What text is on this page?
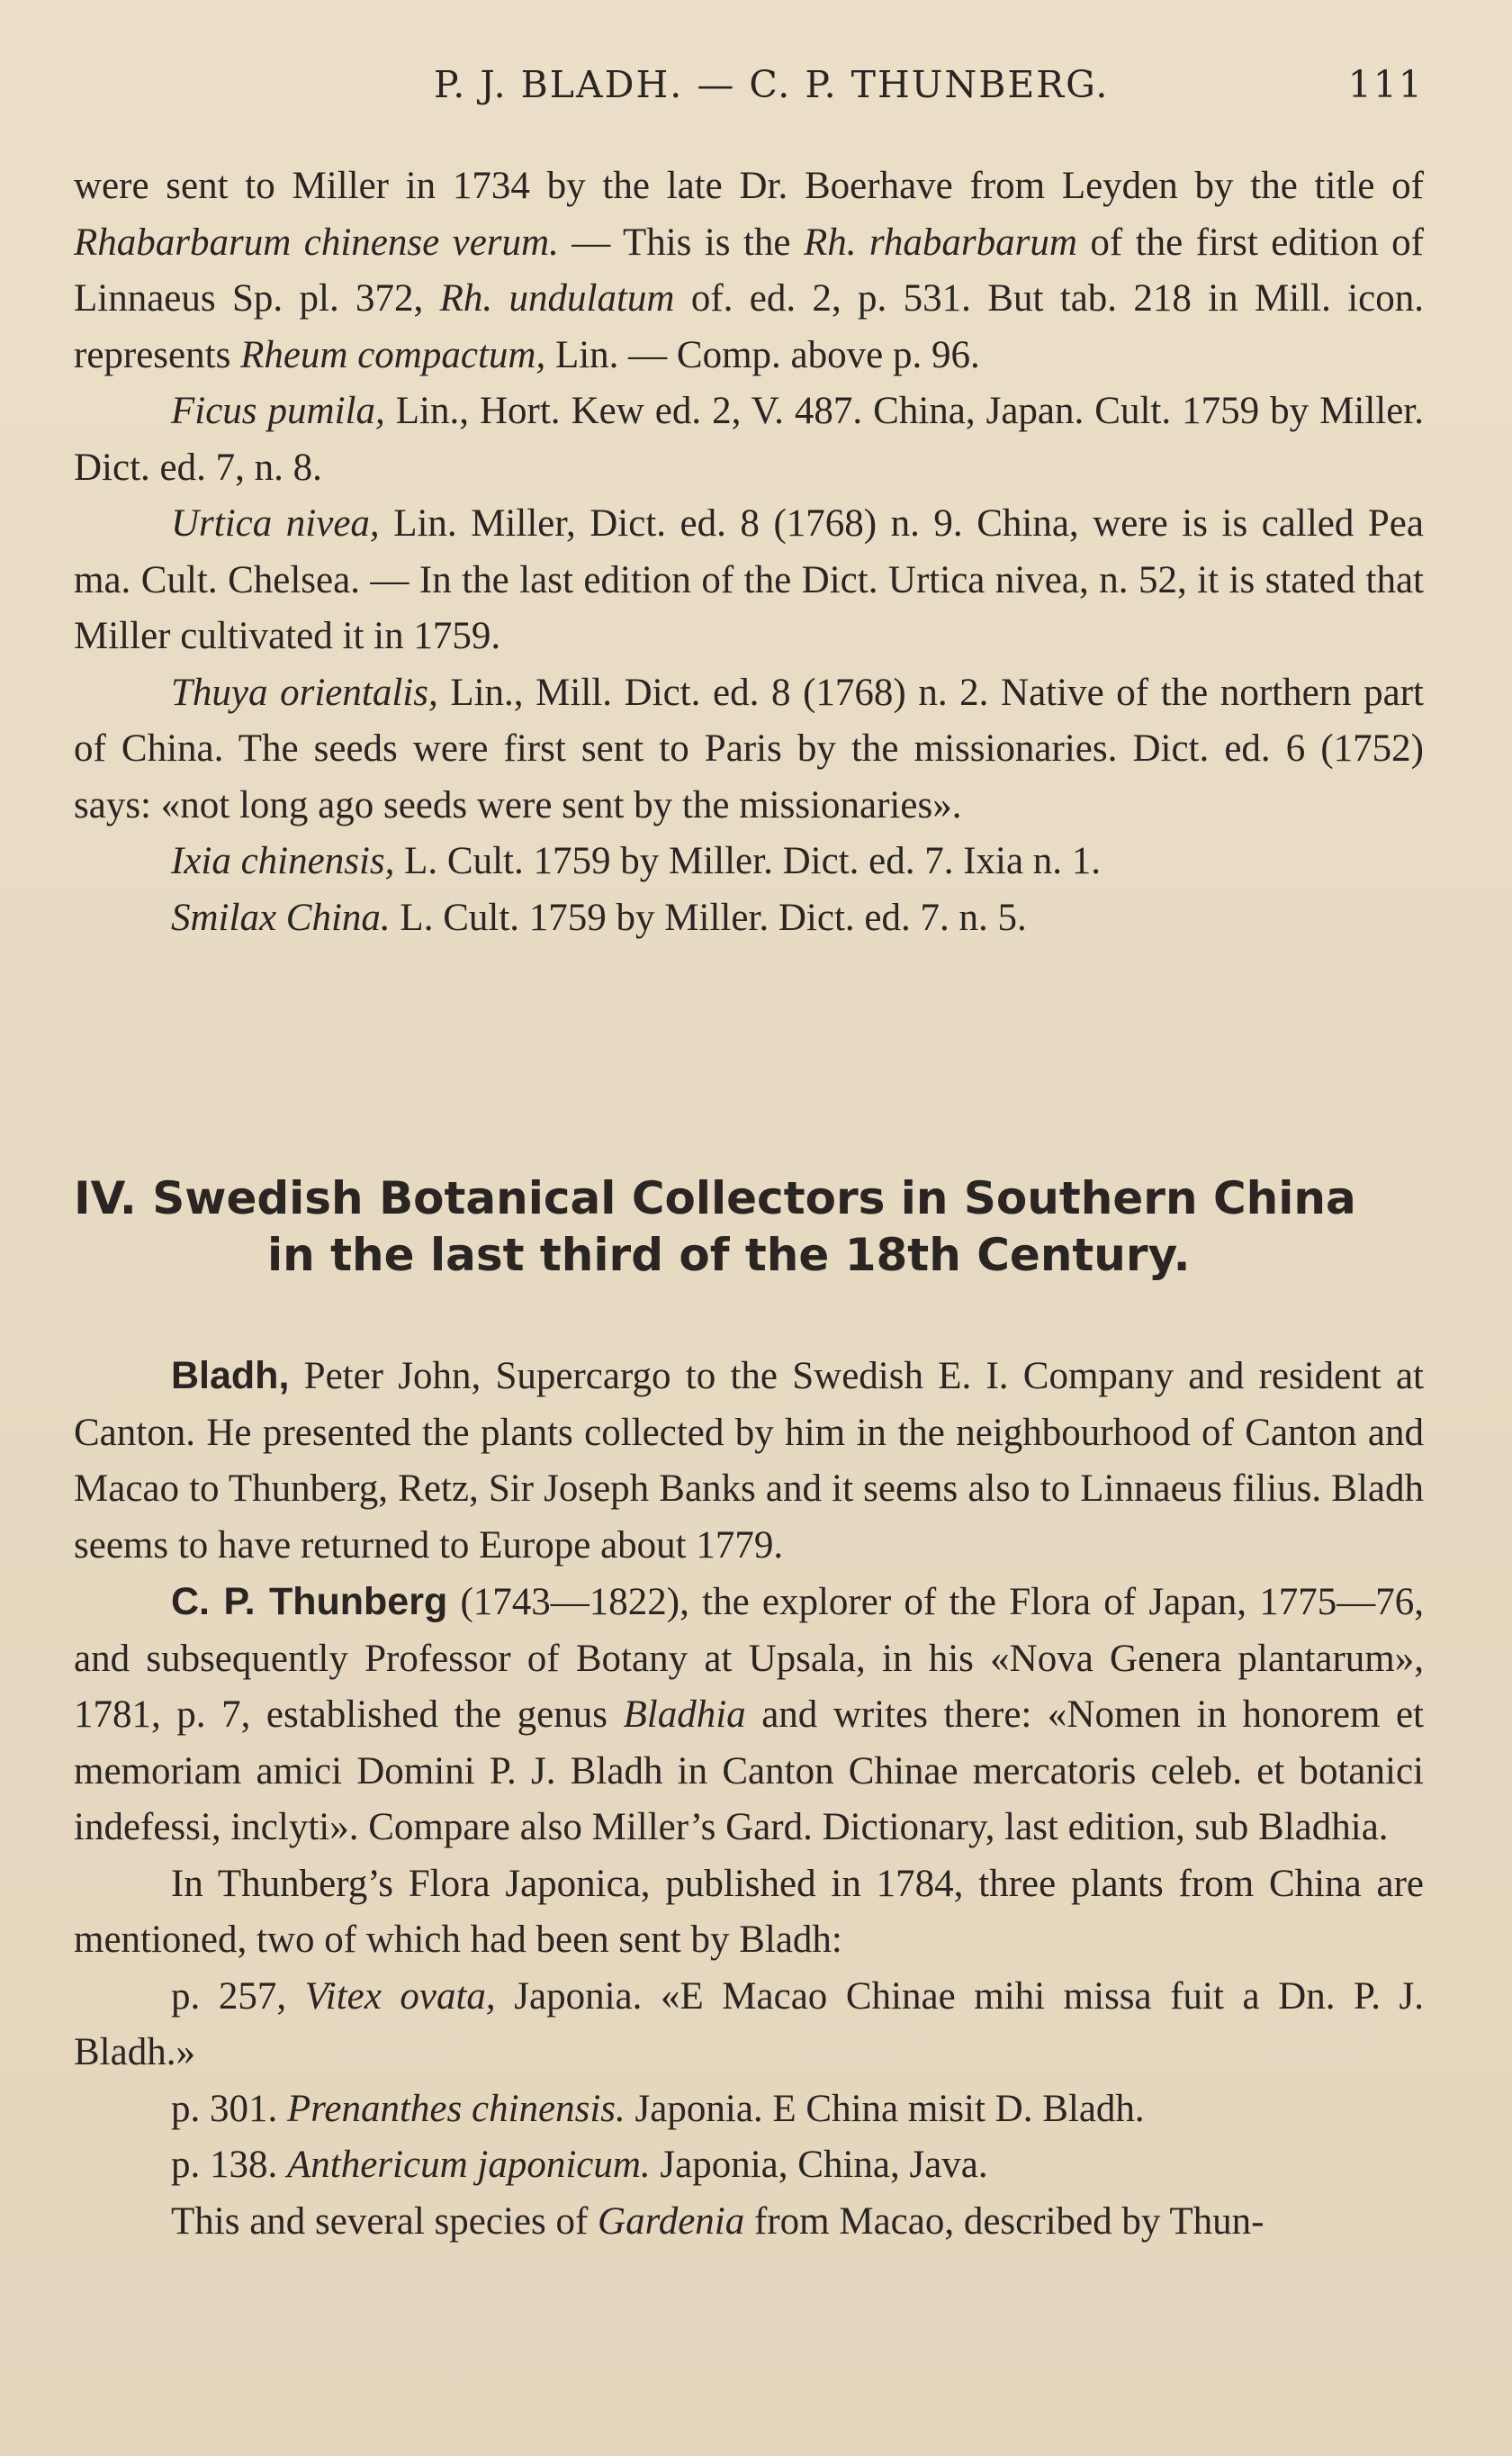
P. J. BLADH. — C. P. THUNBERG.	111

were sent to Miller in 1734 by the late Dr. Boerhave from Leyden by the title of Rhabarbarum chinense verum. — This is the Rh. rhabarbarum of the first edition of Linnaeus Sp. pl. 372, Rh. undulatum of. ed. 2, p. 531. But tab. 218 in Mill. icon. represents Rheum compactum, Lin. — Comp. above p. 96.

Ficus pumila, Lin., Hort. Kew ed. 2, V. 487. China, Japan. Cult. 1759 by Miller. Dict. ed. 7, n. 8.

Urtica nivea, Lin. Miller, Dict. ed. 8 (1768) n. 9. China, were is is called Pea ma. Cult. Chelsea. — In the last edition of the Dict. Urtica nivea, n. 52, it is stated that Miller cultivated it in 1759.

Thuya orientalis, Lin., Mill. Dict. ed. 8 (1768) n. 2. Native of the northern part of China. The seeds were first sent to Paris by the missionaries. Dict. ed. 6 (1752) says: «not long ago seeds were sent by the missionaries».

Ixia chinensis, L. Cult. 1759 by Miller. Dict. ed. 7. Ixia n. 1.

Smilax China. L. Cult. 1759 by Miller. Dict. ed. 7. n. 5.

IV. Swedish Botanical Collectors in Southern China
in the last third of the 18th Century.

Bladh, Peter John, Supercargo to the Swedish E. I. Company and resident at Canton. He presented the plants collected by him in the neighbourhood of Canton and Macao to Thunberg, Retz, Sir Joseph Banks and it seems also to Linnaeus filius. Bladh seems to have returned to Europe about 1779.

C. P. Thunberg (1743—1822), the explorer of the Flora of Japan, 1775—76, and subsequently Professor of Botany at Upsala, in his «Nova Genera plantarum», 1781, p. 7, established the genus Bladhia and writes there: «Nomen in honorem et memoriam amici Domini P. J. Bladh in Canton Chinae mercatoris celeb. et botanici indefessi, inclyti». Compare also Miller’s Gard. Dictionary, last edition, sub Bladhia.

In Thunberg’s Flora Japonica, published in 1784, three plants from China are mentioned, two of which had been sent by Bladh:

p. 257, Vitex ovata, Japonia. «E Macao Chinae mihi missa fuit a Dn. P. J. Bladh.»

p. 301. Prenanthes chinensis. Japonia. E China misit D. Bladh.

p. 138. Anthericum japonicum. Japonia, China, Java.

This and several species of Gardenia from Macao, described by Thun-
